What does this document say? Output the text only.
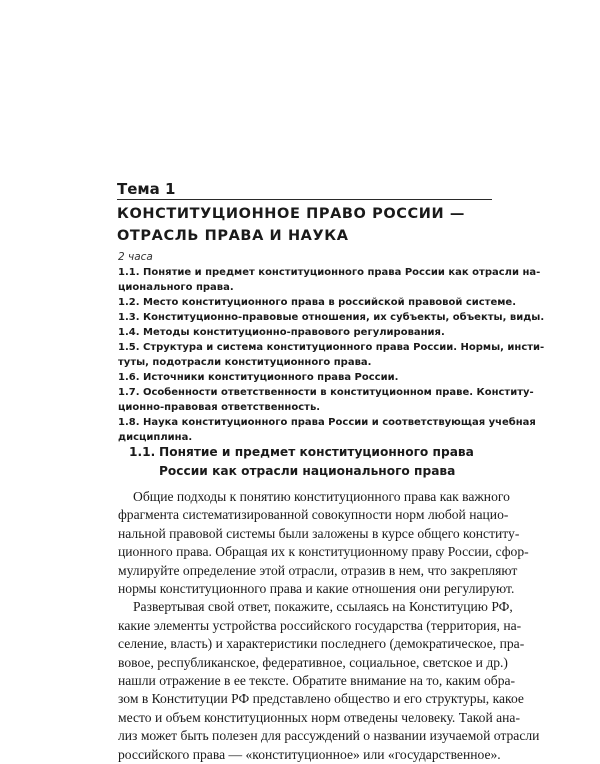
Тема 1
КОНСТИТУЦИОННОЕ ПРАВО РОССИИ —
ОТРАСЛЬ ПРАВА И НАУКА
2 часа
1.1. Понятие и предмет конституционного права России как отрасли на-
ционального права.
1.2. Место конституционного права в российской правовой системе.
1.3. Конституционно-правовые отношения, их субъекты, объекты, виды.
1.4. Методы конституционно-правового регулирования.
1.5. Структура и система конституционного права России. Нормы, инсти-
туты, подотрасли конституционного права.
1.6. Источники конституционного права России.
1.7. Особенности ответственности в конституционном праве. Конститу-
ционно-правовая ответственность.
1.8. Наука конституционного права России и соответствующая учебная
дисциплина.
1.1. Понятие и предмет конституционного права
России как отрасли национального права
Общие подходы к понятию конституционного права как важного
фрагмента систематизированной совокупности норм любой нацио-
нальной правовой системы были заложены в курсе общего конститу-
ционного права. Обращая их к конституционному праву России, сфор-
мулируйте определение этой отрасли, отразив в нем, что закрепляют
нормы конституционного права и какие отношения они регулируют.
Развертывая свой ответ, покажите, ссылаясь на Конституцию РФ,
какие элементы устройства российского государства (территория, на-
селение, власть) и характеристики последнего (демократическое, пра-
вовое, республиканское, федеративное, социальное, светское и др.)
нашли отражение в ее тексте. Обратите внимание на то, каким обра-
зом в Конституции РФ представлено общество и его структуры, какое
место и объем конституционных норм отведены человеку. Такой ана-
лиз может быть полезен для рассуждений о названии изучаемой отрасли
российского права — «конституционное» или «государственное».
